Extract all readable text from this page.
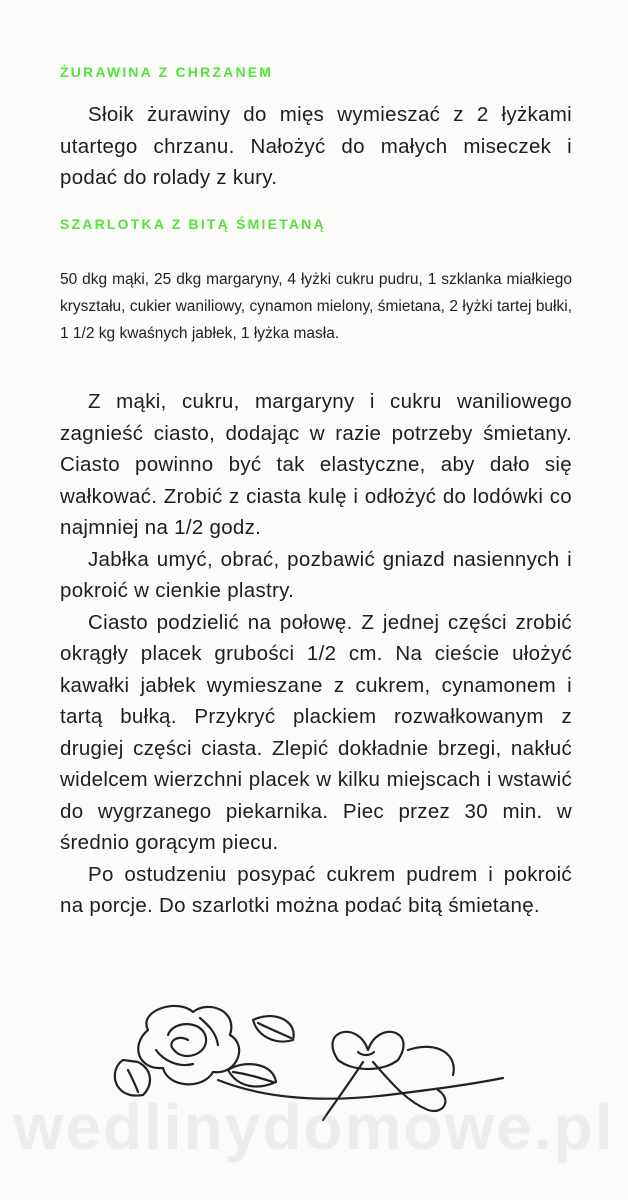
ŻURAWINA Z CHRZANEM

Słoik żurawiny do mięs wymieszać z 2 łyżkami utartego chrzanu. Nałożyć do małych miseczek i podać do rolady z kury.

SZARLOTKA Z BITĄ ŚMIETANĄ

50 dkg mąki, 25 dkg margaryny, 4 łyżki cukru pudru, 1 szklanka miałkiego kryształu, cukier waniliowy, cynamon mielony, śmietana, 2 łyżki tartej bułki, 1 1/2 kg kwaśnych jabłek, 1 łyżka masła.

Z mąki, cukru, margaryny i cukru waniliowego zagnieść ciasto, dodając w razie potrzeby śmietany. Ciasto powinno być tak elastyczne, aby dało się wałkować. Zrobić z ciasta kulę i odłożyć do lodówki co najmniej na 1/2 godz.

Jabłka umyć, obrać, pozbawić gniazd nasiennych i pokroić w cienkie plastry.

Ciasto podzielić na połowę. Z jednej części zrobić okrągły placek grubości 1/2 cm. Na cieście ułożyć kawałki jabłek wymieszane z cukrem, cynamonem i tartą bułką. Przykryć plackiem rozwałkowanym z drugiej części ciasta. Zlepić dokładnie brzegi, nakłuć widelcem wierzchni placek w kilku miejscach i wstawić do wygrzanego piekarnika. Piec przez 30 min. w średnio gorącym piecu.

Po ostudzeniu posypać cukrem pudrem i pokroić na porcje. Do szarlotki można podać bitą śmietanę.

wedlinydomowe.pl
